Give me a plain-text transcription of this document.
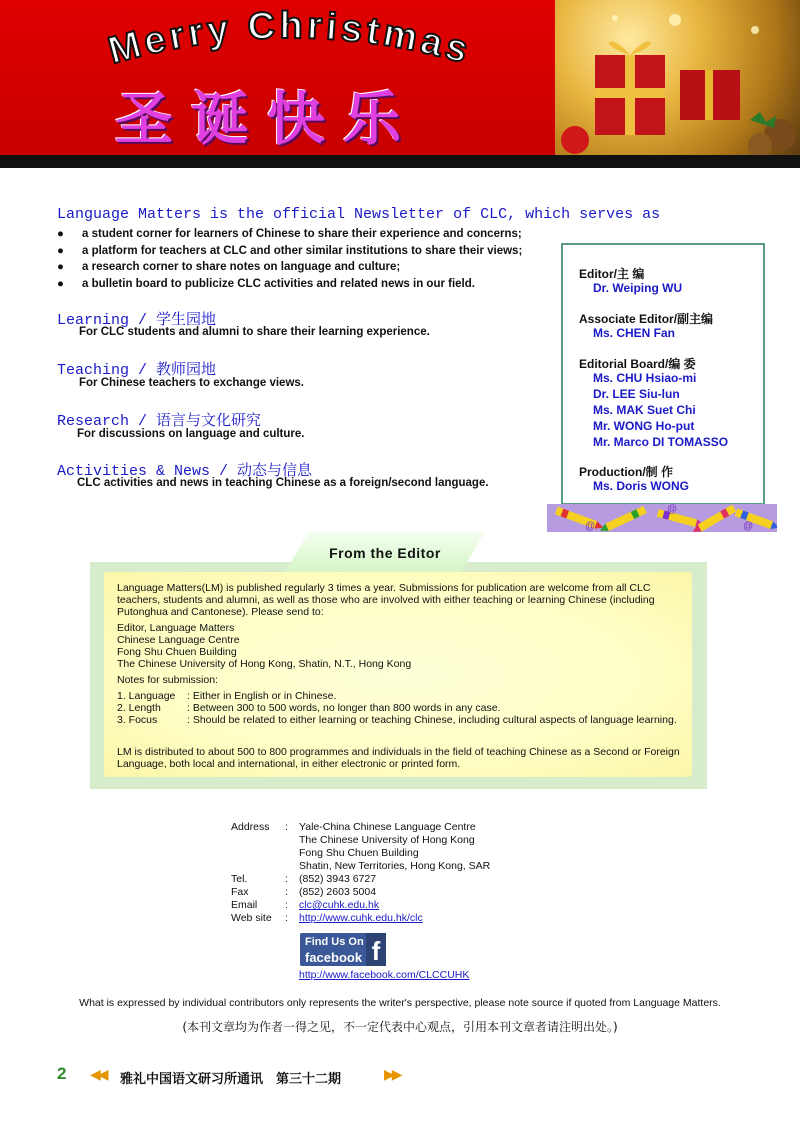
Merry Christmas
圣诞快乐
Language Matters is the official Newsletter of CLC, which serves as
● a student corner for learners of Chinese to share their experience and concerns;
● a platform for teachers at CLC and other similar institutions to share their views;
● a research corner to share notes on language and culture;
● a bulletin board to publicize CLC activities and related news in our field.
Learning / 学生园地
For CLC students and alumni to share their learning experience.
Teaching / 教师园地
For Chinese teachers to exchange views.
Research / 语言与文化研究
For discussions on language and culture.
Activities & News / 动态与信息
CLC activities and news in teaching Chinese as a foreign/second language.
Editor/主 编
Dr. Weiping WU
Associate Editor/副主编
Ms. CHEN Fan
Editorial Board/编 委
Ms. CHU Hsiao-mi
Dr. LEE Siu-lun
Ms. MAK Suet Chi
Mr. WONG Ho-put
Mr. Marco DI TOMASSO
Production/制 作
Ms. Doris WONG
@
@
@
From the Editor
Language Matters(LM) is published regularly 3 times a year. Submissions for publication are welcome from all CLC teachers, students and alumni, as well as those who are involved with either teaching or learning Chinese (including Putonghua and Cantonese). Please send to:
Editor, Language Matters
Chinese Language Centre
Fong Shu Chuen Building
The Chinese University of Hong Kong, Shatin, N.T., Hong Kong
Notes for submission:
1. Language : Either in English or in Chinese.
2. Length : Between 300 to 500 words, no longer than 800 words in any case.
3. Focus	: Should be related to either learning or teaching Chinese, including cultural aspects of language learning.
LM is distributed to about 500 to 800 programmes and individuals in the field of teaching Chinese as a Second or Foreign Language, both local and international, in either electronic or printed form.
Address : Yale-China Chinese Language Centre
The Chinese University of Hong Kong
Fong Shu Chuen Building
Shatin, New Territories, Hong Kong, SAR
Tel.	: (852) 3943 6727
Fax	: (852) 2603 5004
Email	: clc@cuhk.edu.hk
Web site : http://www.cuhk.edu.hk/clc
Find Us On
facebook f
http://www.facebook.com/CLCCUHK
What is expressed by individual contributors only represents the writer's perspective, please note source if quoted from Language Matters.
(本刊文章均为作者一得之见，不一定代表中心观点，引用本刊文章者请注明出处。)
2 ◀◀ 雅礼中国语文研习所通讯　第三十二期	▶▶
